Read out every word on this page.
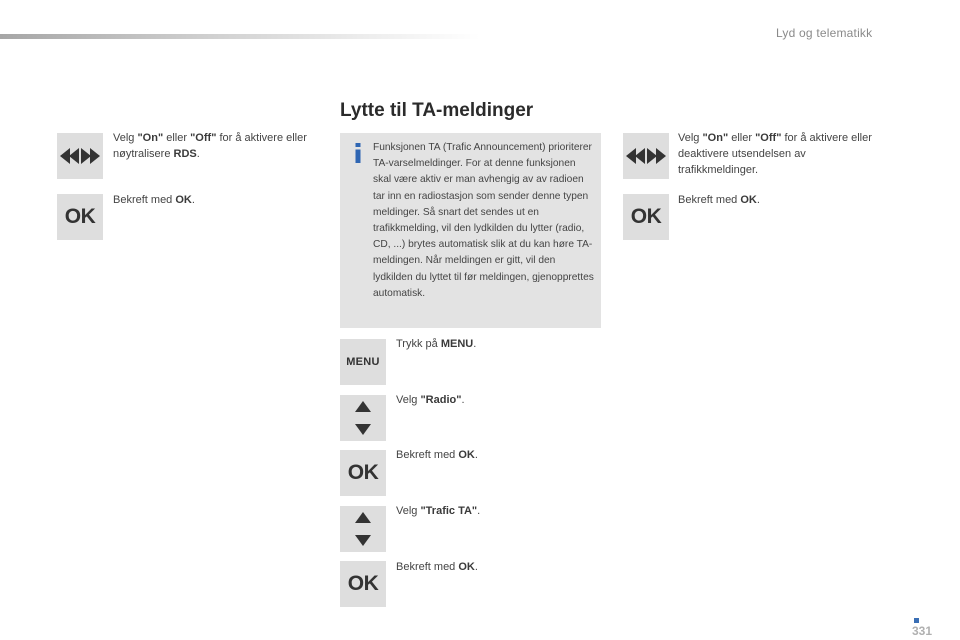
Lyd og telematikk
Lytte til TA-meldinger
Velg "On" eller "Off" for å aktivere eller nøytralisere RDS.
OK
Bekreft med OK.
Funksjonen TA (Trafic Announcement) prioriterer TA-varselmeldinger. For at denne funksjonen skal være aktiv er man avhengig av av radioen tar inn en radiostasjon som sender denne typen meldinger. Så snart det sendes ut en trafikkmelding, vil den lydkilden du lytter (radio, CD, ...) brytes automatisk slik at du kan høre TA-meldingen. Når meldingen er gitt, vil den lydkilden du lyttet til før meldingen, gjenopprettes automatisk.
MENU
Trykk på MENU.
Velg "Radio".
OK
Bekreft med OK.
Velg "Trafic TA".
OK
Bekreft med OK.
Velg "On" eller "Off" for å aktivere eller deaktivere utsendelsen av trafikkmeldinger.
OK
Bekreft med OK.
331
